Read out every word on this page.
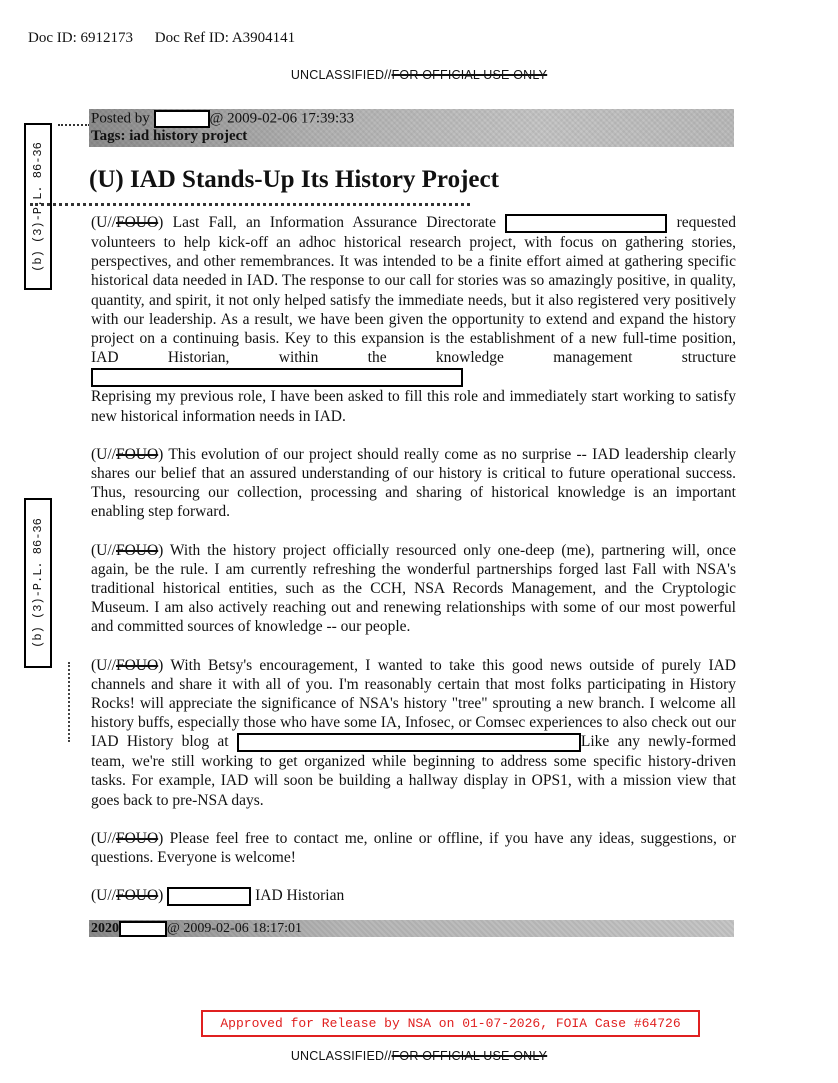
Doc ID: 6912173 Doc Ref ID: A3904141
UNCLASSIFIED//FOR OFFICIAL USE ONLY
(b) (3)-P.L. 86-36
(b) (3)-P.L. 86-36
Posted by	@ 2009-02-06 17:39:33
Tags: iad history project
(U) IAD Stands-Up Its History Project

(U//FOUO) Last Fall, an Information Assurance Directorate	requested volunteers to help kick-off an adhoc historical research project, with focus on gathering stories, perspectives, and other remembrances. It was intended to be a finite effort aimed at gathering specific historical data needed in IAD. The response to our call for stories was so amazingly positive, in quality, quantity, and spirit, it not only helped satisfy the immediate needs, but it also registered very positively with our leadership. As a result, we have been given the opportunity to extend and expand the history project on a continuing basis. Key to this expansion is the establishment of a new full-time position, IAD Historian, within the knowledge management structure

Reprising my previous role, I have been asked to fill this role and immediately start working to satisfy new historical information needs in IAD.

(U//FOUO) This evolution of our project should really come as no surprise -- IAD leadership clearly shares our belief that an assured understanding of our history is critical to future operational success. Thus, resourcing our collection, processing and sharing of historical knowledge is an important enabling step forward.

(U//FOUO) With the history project officially resourced only one-deep (me), partnering will, once again, be the rule. I am currently refreshing the wonderful partnerships forged last Fall with NSA's traditional historical entities, such as the CCH, NSA Records Management, and the Cryptologic Museum. I am also actively reaching out and renewing relationships with some of our most powerful and committed sources of knowledge -- our people.

(U//FOUO) With Betsy's encouragement, I wanted to take this good news outside of purely IAD channels and share it with all of you. I'm reasonably certain that most folks participating in History Rocks! will appreciate the significance of NSA's history "tree" sprouting a new branch. I welcome all history buffs, especially those who have some IA, Infosec, or Comsec experiences to also check out our IAD History blog at	Like any newly-formed team, we're still working to get organized while beginning to address some specific history-driven tasks. For example, IAD will soon be building a hallway display in OPS1, with a mission view that goes back to pre-NSA days.

(U//FOUO) Please feel free to contact me, online or offline, if you have any ideas, suggestions, or questions. Everyone is welcome!

(U//FOUO)	IAD Historian

2020	@ 2009-02-06 18:17:01
Approved for Release by NSA on 01-07-2026, FOIA Case #64726
UNCLASSIFIED//FOR OFFICIAL USE ONLY
